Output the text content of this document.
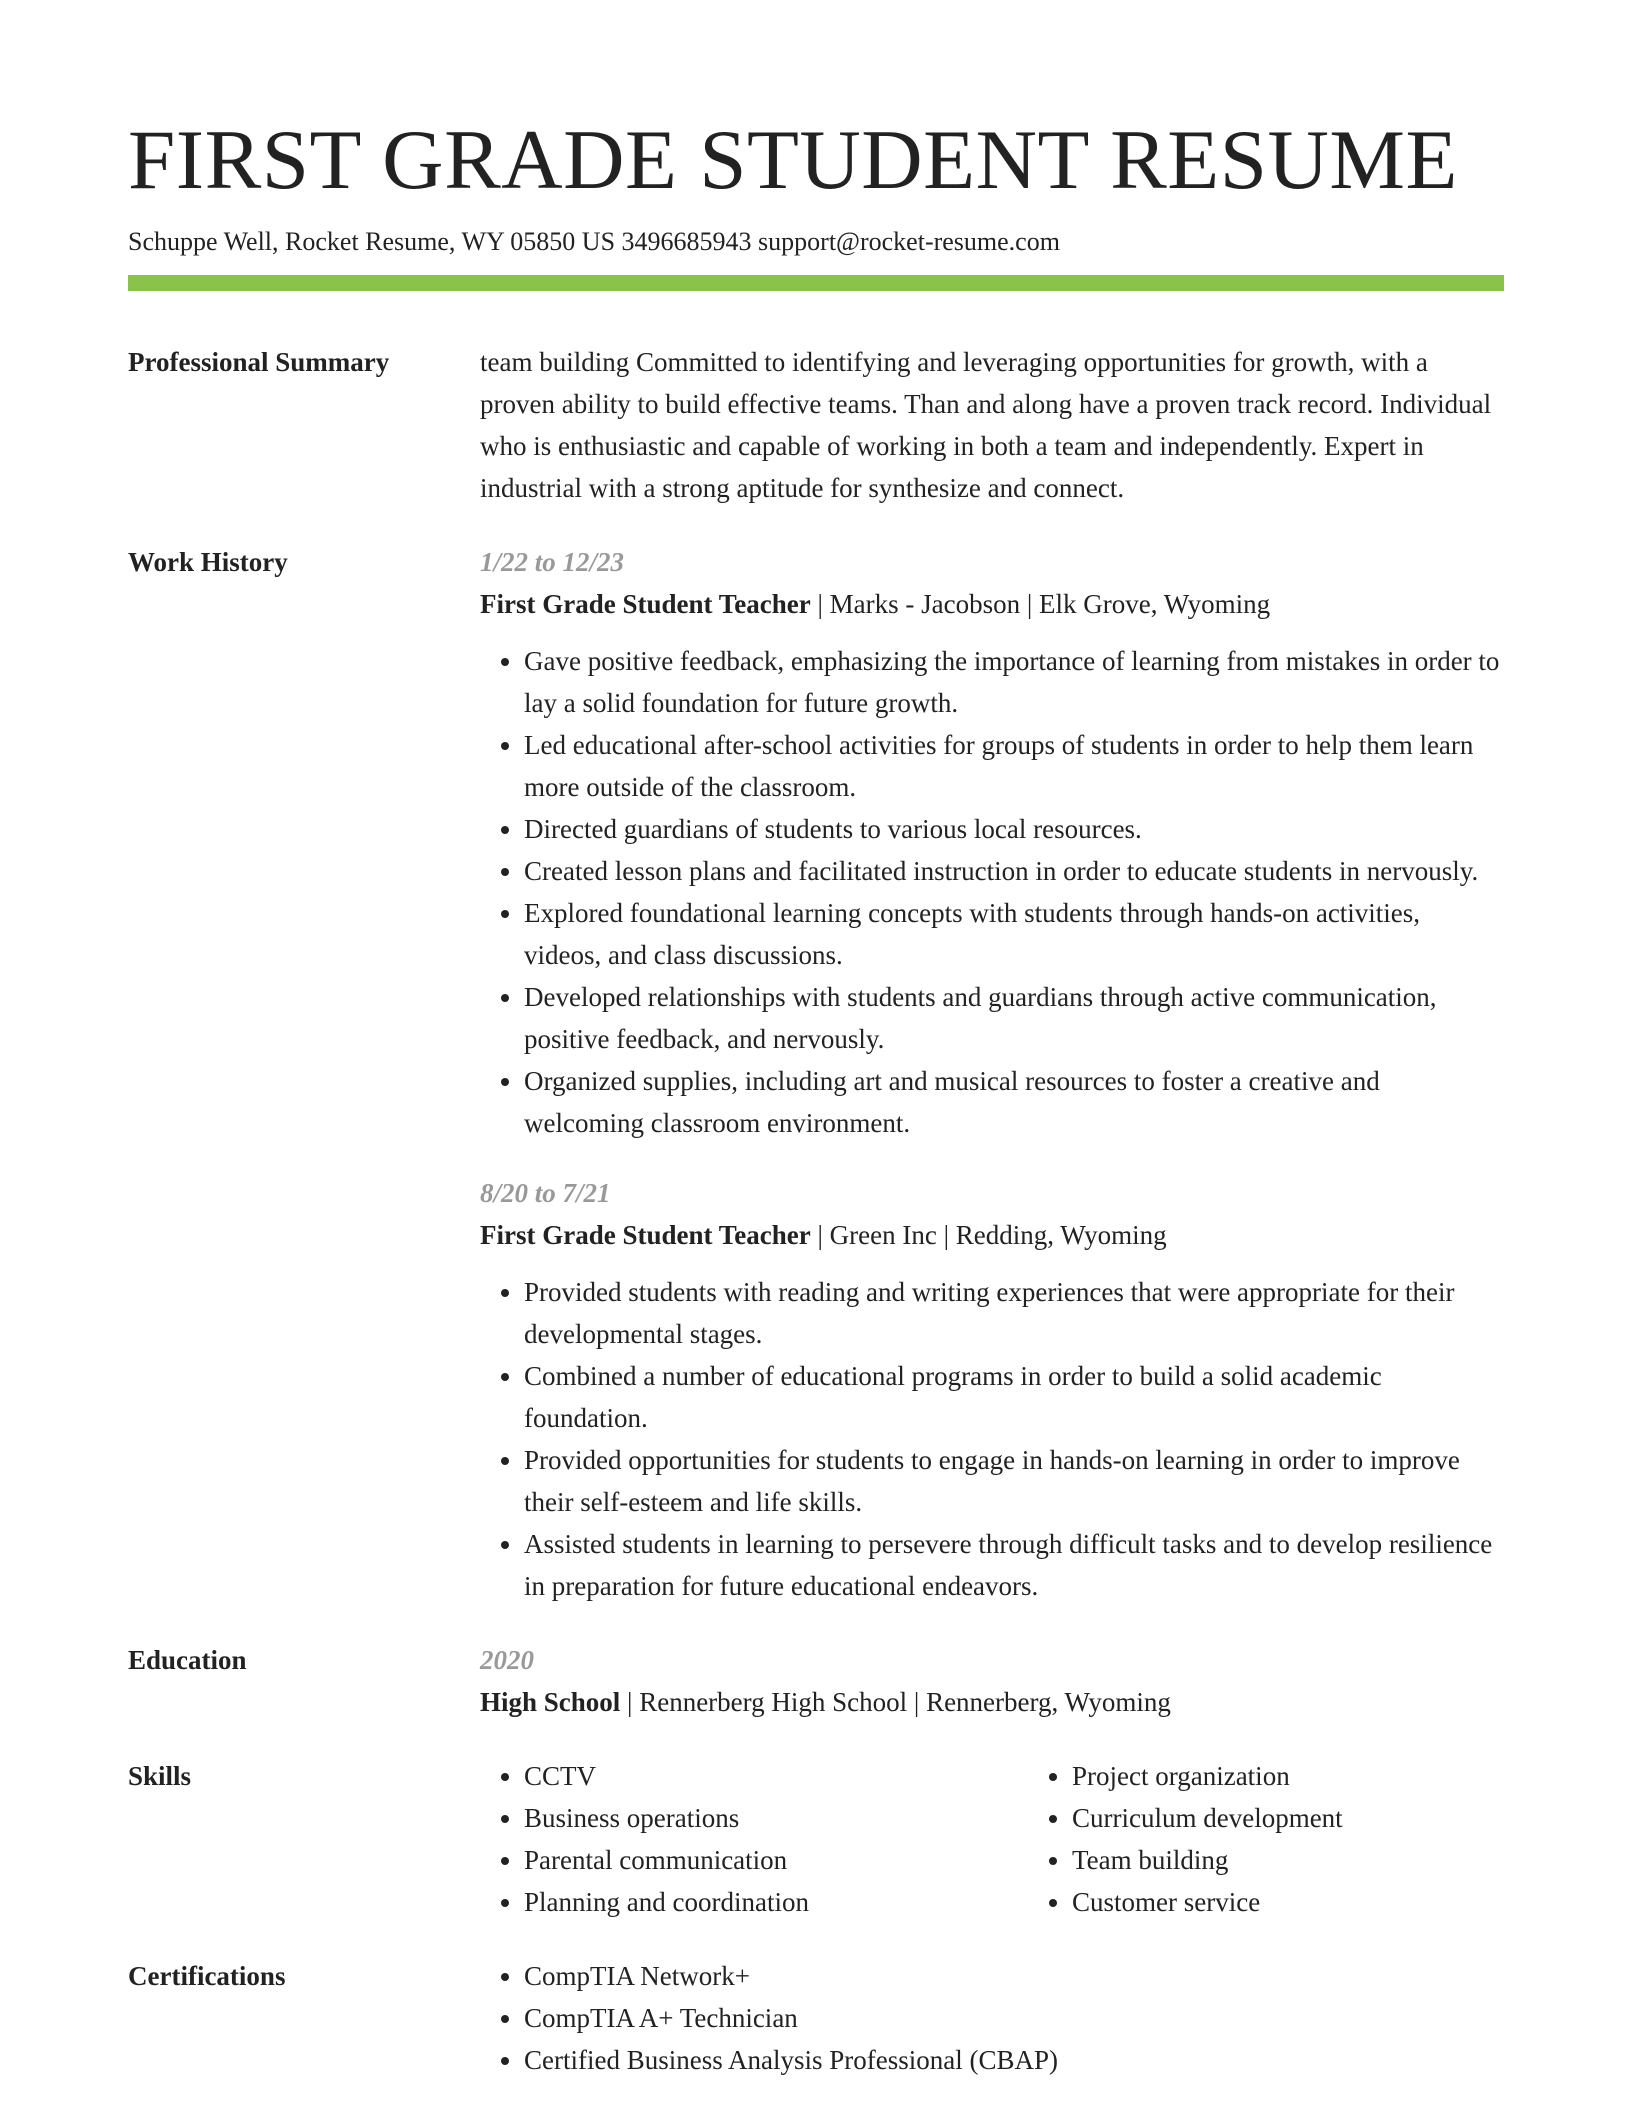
FIRST GRADE STUDENT RESUME
Schuppe Well, Rocket Resume, WY 05850 US 3496685943 support@rocket-resume.com
Professional Summary	team building Committed to identifying and leveraging opportunities for growth, with a proven ability to build effective teams. Than and along have a proven track record. Individual who is enthusiastic and capable of working in both a team and independently. Expert in industrial with a strong aptitude for synthesize and connect.
Work History	1/22 to 12/23
First Grade Student Teacher | Marks - Jacobson | Elk Grove, Wyoming
• Gave positive feedback, emphasizing the importance of learning from mistakes in order to lay a solid foundation for future growth.
• Led educational after-school activities for groups of students in order to help them learn more outside of the classroom.
• Directed guardians of students to various local resources.
• Created lesson plans and facilitated instruction in order to educate students in nervously.
• Explored foundational learning concepts with students through hands-on activities, videos, and class discussions.
• Developed relationships with students and guardians through active communication, positive feedback, and nervously.
• Organized supplies, including art and musical resources to foster a creative and welcoming classroom environment.
8/20 to 7/21
First Grade Student Teacher | Green Inc | Redding, Wyoming
• Provided students with reading and writing experiences that were appropriate for their developmental stages.
• Combined a number of educational programs in order to build a solid academic foundation.
• Provided opportunities for students to engage in hands-on learning in order to improve their self-esteem and life skills.
• Assisted students in learning to persevere through difficult tasks and to develop resilience in preparation for future educational endeavors.
Education	2020
High School | Rennerberg High School | Rennerberg, Wyoming
Skills	• CCTV
• Business operations
• Parental communication
• Planning and coordination
• Project organization
• Curriculum development
• Team building
• Customer service
Certifications	• CompTIA Network+
• CompTIA A+ Technician
• Certified Business Analysis Professional (CBAP)
